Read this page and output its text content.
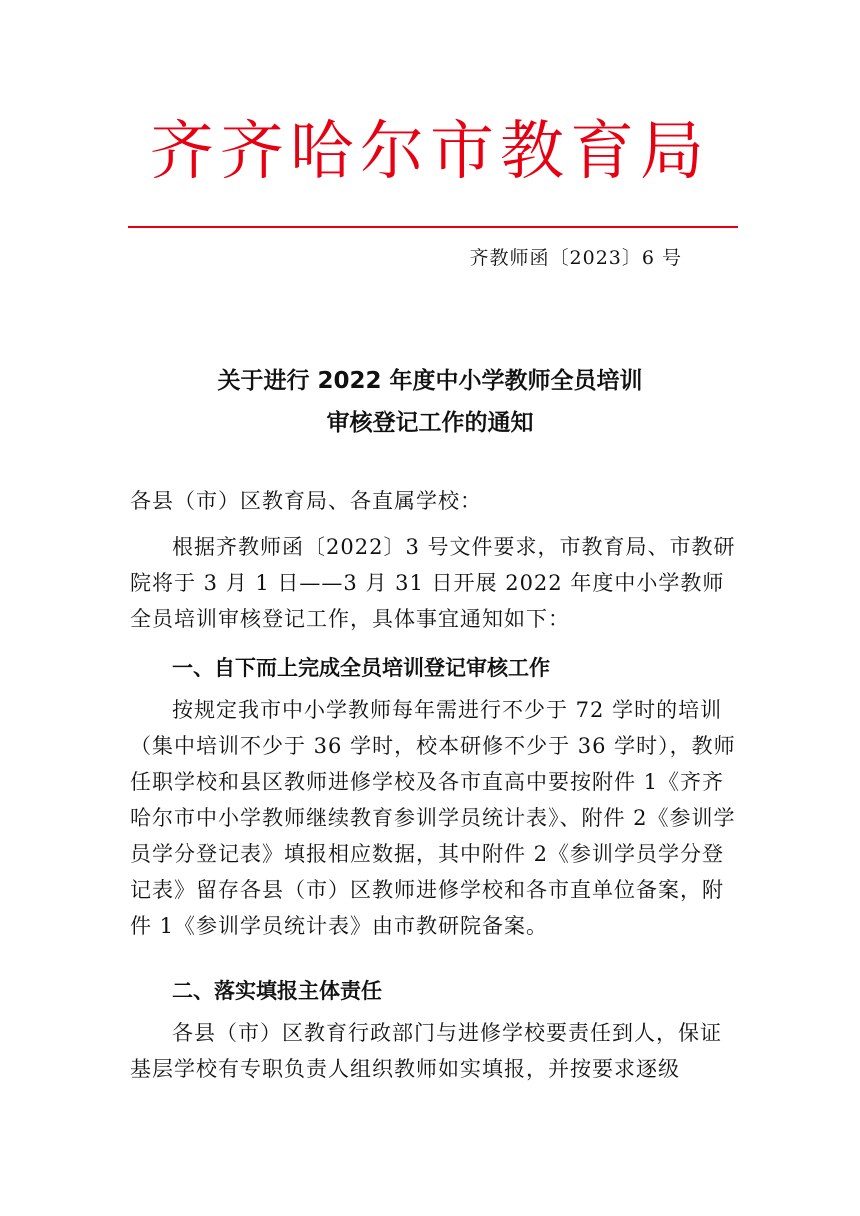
齐齐哈尔市教育局
齐教师函〔2023〕6 号
关于进行 2022 年度中小学教师全员培训
审核登记工作的通知
各县（市）区教育局、各直属学校：
根据齐教师函〔2022〕3 号文件要求，市教育局、市教研院将于 3 月 1 日——3 月 31 日开展 2022 年度中小学教师全员培训审核登记工作，具体事宜通知如下：
一、自下而上完成全员培训登记审核工作
按规定我市中小学教师每年需进行不少于 72 学时的培训（集中培训不少于 36 学时，校本研修不少于 36 学时），教师任职学校和县区教师进修学校及各市直高中要按附件 1《齐齐哈尔市中小学教师继续教育参训学员统计表》、附件 2《参训学员学分登记表》填报相应数据，其中附件 2《参训学员学分登记表》留存各县（市）区教师进修学校和各市直单位备案，附件 1《参训学员统计表》由市教研院备案。
二、落实填报主体责任
各县（市）区教育行政部门与进修学校要责任到人，保证基层学校有专职负责人组织教师如实填报，并按要求逐级
